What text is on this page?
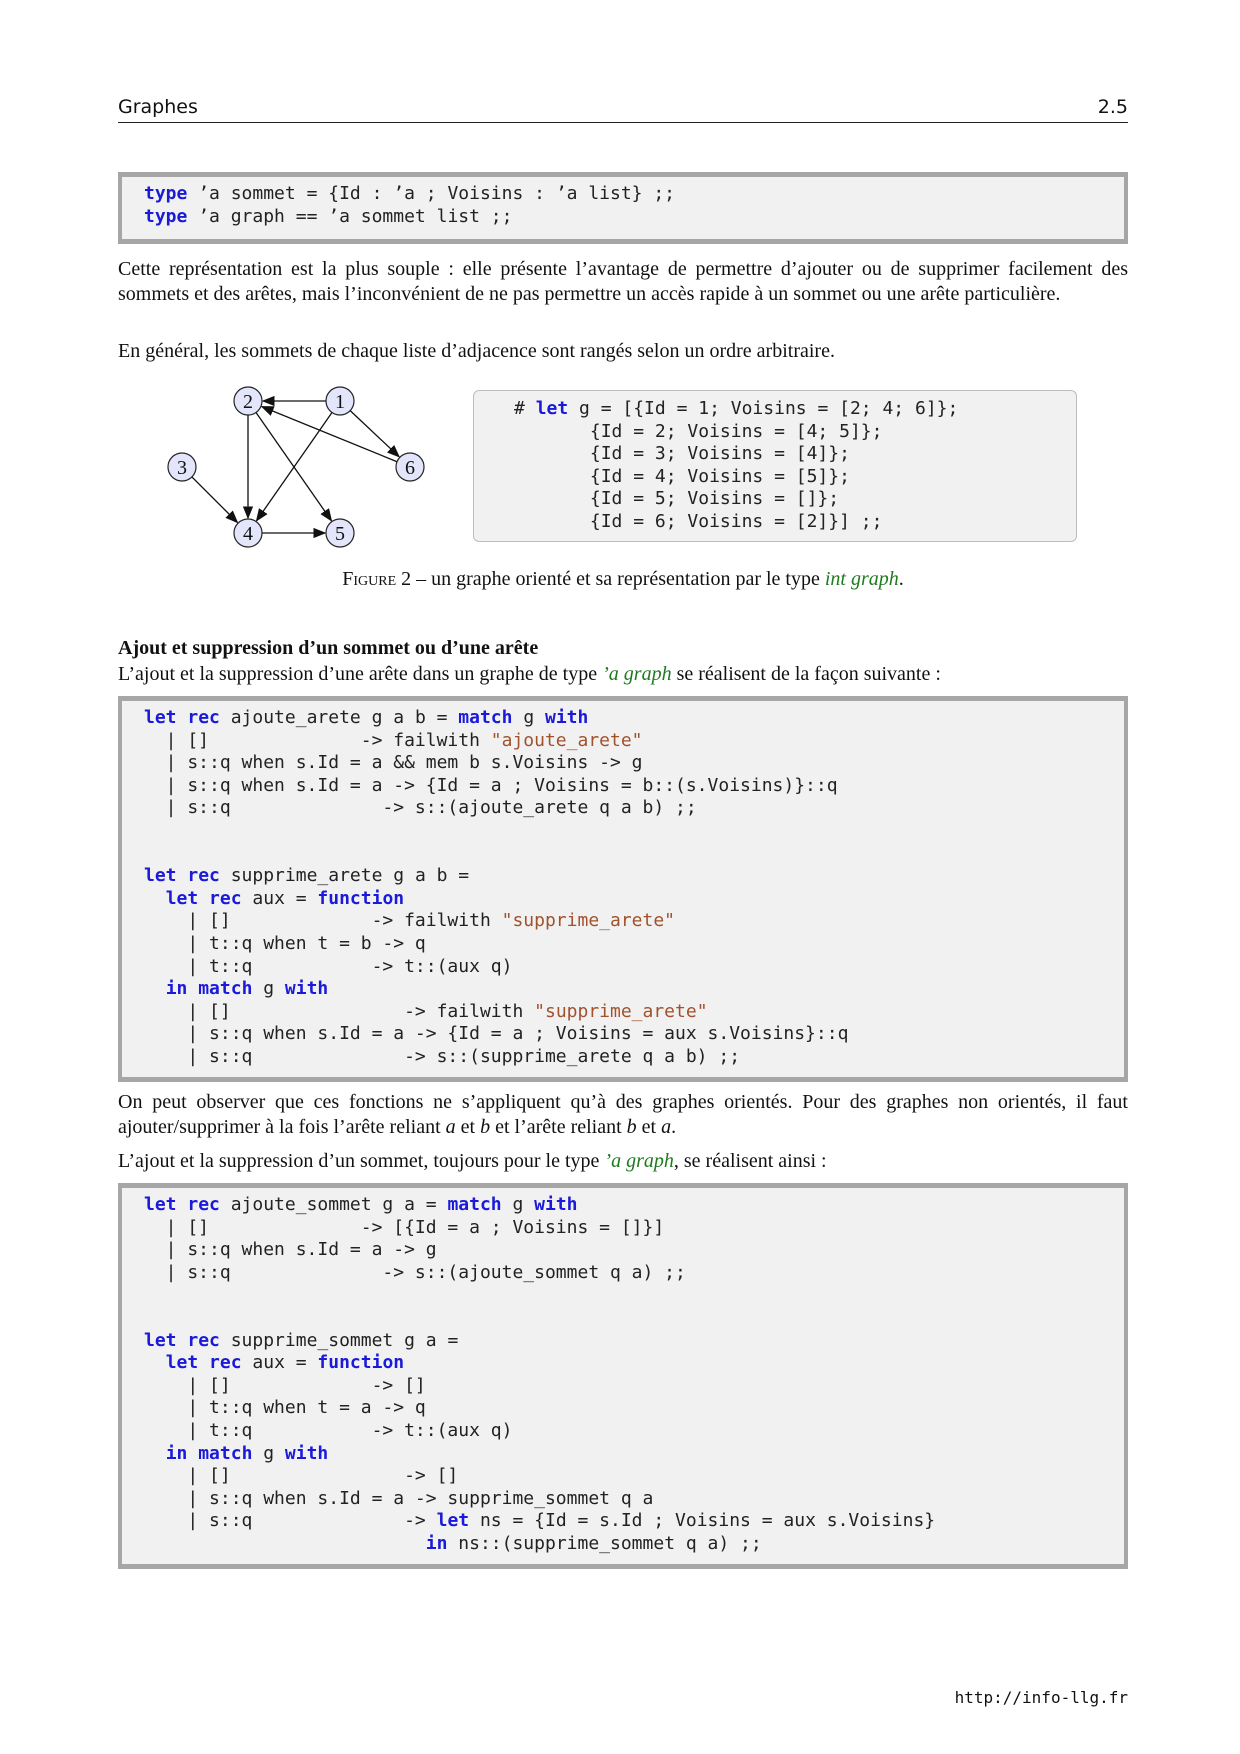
Graphes	2.5
type ’a sommet = {Id : ’a ; Voisins : ’a list} ;;
type ’a graph == ’a sommet list ;;

Cette représentation est la plus souple : elle présente l’avantage de permettre d’ajouter ou de supprimer facilement des sommets et des arêtes, mais l’inconvénient de ne pas permettre un accès rapide à un sommet ou une arête particulière.

En général, les sommets de chaque liste d’adjacence sont rangés selon un ordre arbitraire.

1
2
3
4	5
6
# let g = [{Id = 1; Voisins = [2; 4; 6]};
{Id = 2; Voisins = [4; 5]};
{Id = 3; Voisins = [4]};
{Id = 4; Voisins = [5]};
{Id = 5; Voisins = []};
{Id = 6; Voisins = [2]}] ;;
Figure 2 – un graphe orienté et sa représentation par le type int graph.
Ajout et suppression d’un sommet ou d’une arête

L’ajout et la suppression d’une arête dans un graphe de type ’a graph se réalisent de la façon suivante :

let rec ajoute_arete g a b = match g with
| []              -> failwith "ajoute_arete"
| s::q when s.Id = a && mem b s.Voisins -> g
| s::q when s.Id = a -> {Id = a ; Voisins = b::(s.Voisins)}::q
| s::q              -> s::(ajoute_arete q a b) ;;

let rec supprime_arete g a b =
let rec aux = function
| []             -> failwith "supprime_arete"
| t::q when t = b -> q
| t::q           -> t::(aux q)
in match g with
| []                -> failwith "supprime_arete"
| s::q when s.Id = a -> {Id = a ; Voisins = aux s.Voisins}::q
| s::q              -> s::(supprime_arete q a b) ;;

On peut observer que ces fonctions ne s’appliquent qu’à des graphes orientés. Pour des graphes non orientés, il faut ajouter/supprimer à la fois l’arête reliant a et b et l’arête reliant b et a.

L’ajout et la suppression d’un sommet, toujours pour le type ’a graph, se réalisent ainsi :

let rec ajoute_sommet g a = match g with
| []              -> [{Id = a ; Voisins = []}]
| s::q when s.Id = a -> g
| s::q              -> s::(ajoute_sommet q a) ;;

let rec supprime_sommet g a =
let rec aux = function
| []             -> []
| t::q when t = a -> q
| t::q           -> t::(aux q)
in match g with
| []                -> []
| s::q when s.Id = a -> supprime_sommet q a
| s::q              -> let ns = {Id = s.Id ; Voisins = aux s.Voisins}
in ns::(supprime_sommet q a) ;;
http://info-llg.fr
